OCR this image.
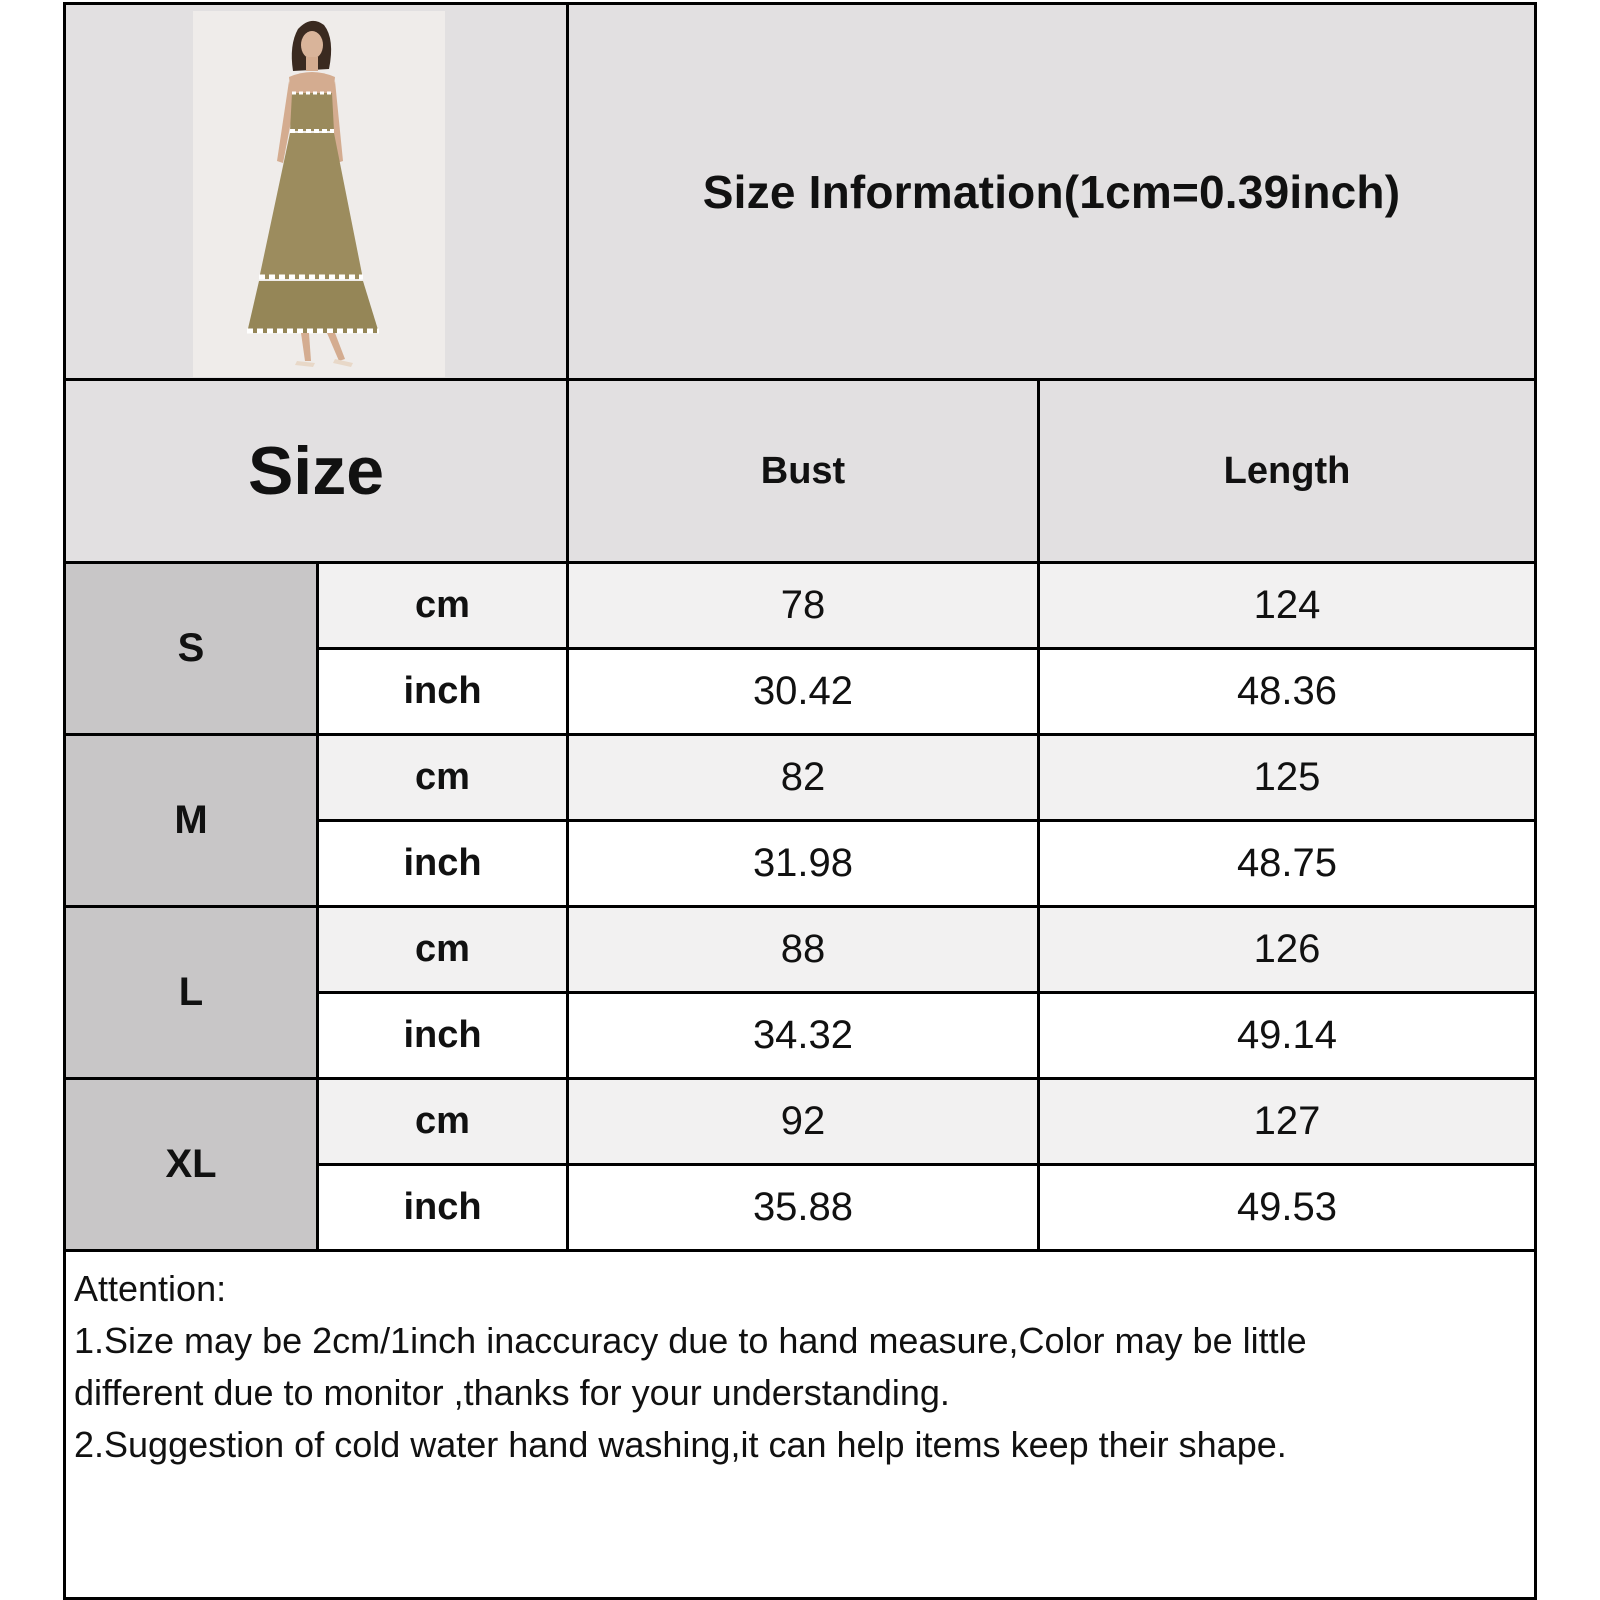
Size Information(1cm=0.39inch)
Size	Bust	Length
S
cm	78	124
inch	30.42	48.36
M
cm	82	125
inch	31.98	48.75
L
cm	88	126
inch	34.32	49.14
XL
cm	92	127
inch	35.88	49.53
Attention:
1.Size may be 2cm/1inch inaccuracy due to hand measure,Color may be little
different due to monitor ,thanks for your understanding.
2.Suggestion of cold water hand washing,it can help items keep their shape.
